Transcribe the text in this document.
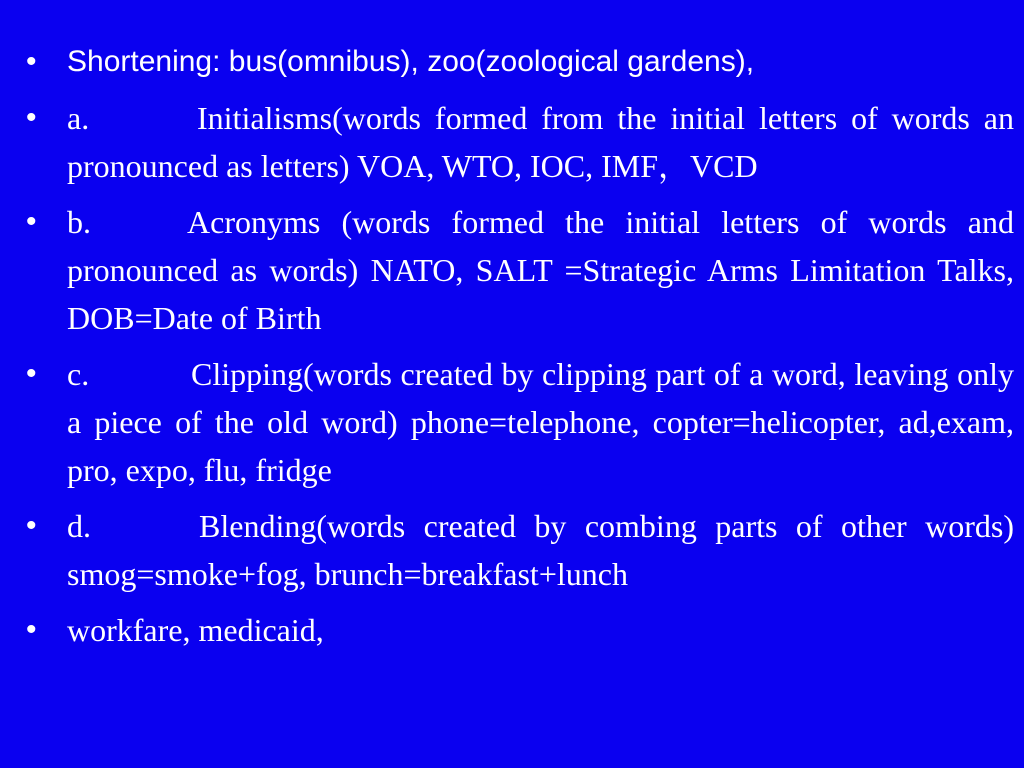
•	Shortening: bus(omnibus), zoo(zoological gardens),
• a.	Initialisms(words formed from the initial letters of words an pronounced as letters) VOA, WTO, IOC, IMF，VCD
• b.	Acronyms (words formed the initial letters of words and pronounced as words) NATO, SALT =Strategic Arms Limitation Talks, DOB=Date of Birth
• c.	Clipping(words created by clipping part of a word, leaving only a piece of the old word) phone=telephone, copter=helicopter, ad,exam, pro, expo, flu, fridge
• d.	Blending(words created by combing parts of other words) smog=smoke+fog, brunch=breakfast+lunch
• workfare, medicaid,
